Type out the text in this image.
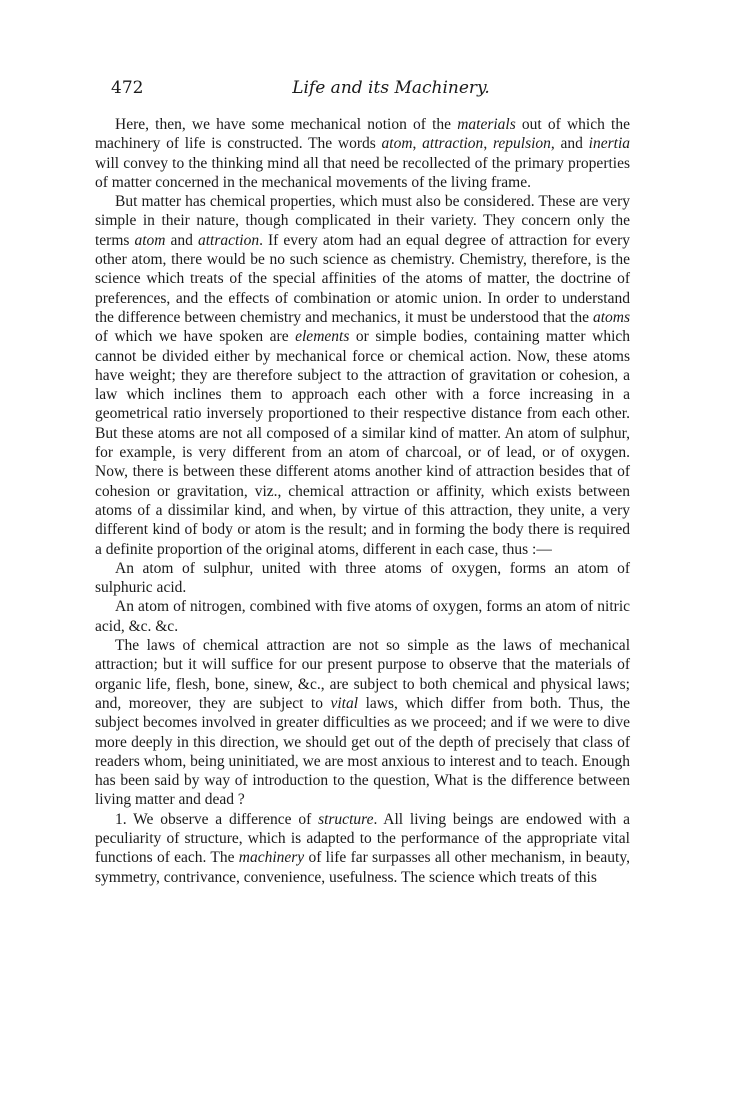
472	Life and its Machinery.

Here, then, we have some mechanical notion of the materials out of which the machinery of life is constructed. The words atom, attraction, repulsion, and inertia will convey to the thinking mind all that need be recollected of the primary properties of matter concerned in the mechanical movements of the living frame.

But matter has chemical properties, which must also be considered. These are very simple in their nature, though complicated in their variety. They concern only the terms atom and attraction. If every atom had an equal degree of attraction for every other atom, there would be no such science as chemistry. Chemistry, therefore, is the science which treats of the special affinities of the atoms of matter, the doctrine of preferences, and the effects of combination or atomic union. In order to understand the difference between chemistry and mechanics, it must be understood that the atoms of which we have spoken are elements or simple bodies, containing matter which cannot be divided either by mechanical force or chemical action. Now, these atoms have weight; they are therefore subject to the attraction of gravitation or cohesion, a law which inclines them to approach each other with a force increasing in a geometrical ratio inversely proportioned to their respective distance from each other. But these atoms are not all composed of a similar kind of matter. An atom of sulphur, for example, is very different from an atom of charcoal, or of lead, or of oxygen. Now, there is between these different atoms another kind of attraction besides that of cohesion or gravitation, viz., chemical attraction or affinity, which exists between atoms of a dissimilar kind, and when, by virtue of this attraction, they unite, a very different kind of body or atom is the result; and in forming the body there is required a definite proportion of the original atoms, different in each case, thus :—

An atom of sulphur, united with three atoms of oxygen, forms an atom of sulphuric acid.

An atom of nitrogen, combined with five atoms of oxygen, forms an atom of nitric acid, &c. &c.

The laws of chemical attraction are not so simple as the laws of mechanical attraction; but it will suffice for our present purpose to observe that the materials of organic life, flesh, bone, sinew, &c., are subject to both chemical and physical laws; and, moreover, they are subject to vital laws, which differ from both. Thus, the subject becomes involved in greater difficulties as we proceed; and if we were to dive more deeply in this direction, we should get out of the depth of precisely that class of readers whom, being uninitiated, we are most anxious to interest and to teach. Enough has been said by way of introduction to the question, What is the difference between living matter and dead ?

1. We observe a difference of structure. All living beings are endowed with a peculiarity of structure, which is adapted to the performance of the appropriate vital functions of each. The machinery of life far surpasses all other mechanism, in beauty, symmetry, contrivance, convenience, usefulness. The science which treats of this
